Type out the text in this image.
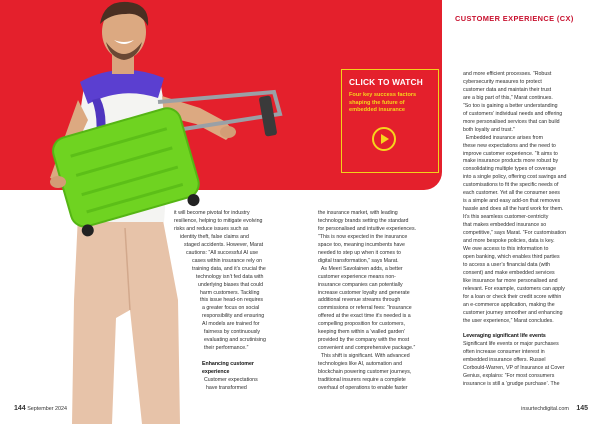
CUSTOMER EXPERIENCE (CX)
CLICK TO WATCH
Four key success factors
shaping the future of
embedded insurance

it will become pivotal for industry

resilience, helping to mitigate evolving

risks and reduce issues such as

identity theft, false claims and

staged accidents. However, Marat

cautions: “All successful AI use

cases within insurance rely on

training data, and it’s crucial the

technology isn’t fed data with

underlying biases that could

harm customers. Tackling

this issue head-on requires

a greater focus on social

responsibility and ensuring

AI models are trained for

fairness by continuously

evaluating and scrutinising

their performance.”

Enhancing customer

experience

Customer expectations

have transformed

the insurance market, with leading

technology brands setting the standard

for personalised and intuitive experiences.

“This is now expected in the insurance

space too, meaning incumbents have

needed to step up when it comes to

digital transformation,” says Marat.

As Meeri Savolainen adds, a better

customer experience means non-

insurance companies can potentially

increase customer loyalty and generate

additional revenue streams through

commissions or referral fees: “Insurance

offered at the exact time it’s needed is a

compelling proposition for customers,

keeping them within a ‘walled garden’

provided by the company with the most

convenient and comprehensive package.”

This shift is significant. With advanced

technologies like AI, automation and

blockchain powering customer journeys,

traditional insurers require a complete

overhaul of operations to enable faster

and more efficient processes. “Robust

cybersecurity measures to protect

customer data and maintain their trust

are a big part of this,” Marat continues.

“So too is gaining a better understanding

of customers’ individual needs and offering

more personalised services that can build

both loyalty and trust.”

Embedded insurance arises from

these new expectations and the need to

improve customer experience. “It aims to

make insurance products more robust by

consolidating multiple types of coverage

into a single policy, offering cost savings and

customisations to fit the specific needs of

each customer. Yet all the consumer sees

is a simple and easy add-on that removes

hassle and does all the hard work for them.

It’s this seamless customer-centricity

that makes embedded insurance so

competitive,” says Marat. “For customisation

and more bespoke policies, data is key.

We owe access to this information to

open banking, which enables third parties

to access a user’s financial data (with

consent) and make embedded services

like insurance far more personalised and

relevant. For example, customers can apply

for a loan or check their credit score within

an e-commerce application, making the

customer journey smoother and enhancing

the user experience,” Marat concludes.

Leveraging significant life events

Significant life events or major purchases

often increase consumer interest in

embedded insurance offers. Russel

Corbould-Warren, VP of Insurance at Cover

Genius, explains: “For most consumers

insurance is still a ‘grudge purchase’. The

144 September 2024	insurtechdigital.com 145
